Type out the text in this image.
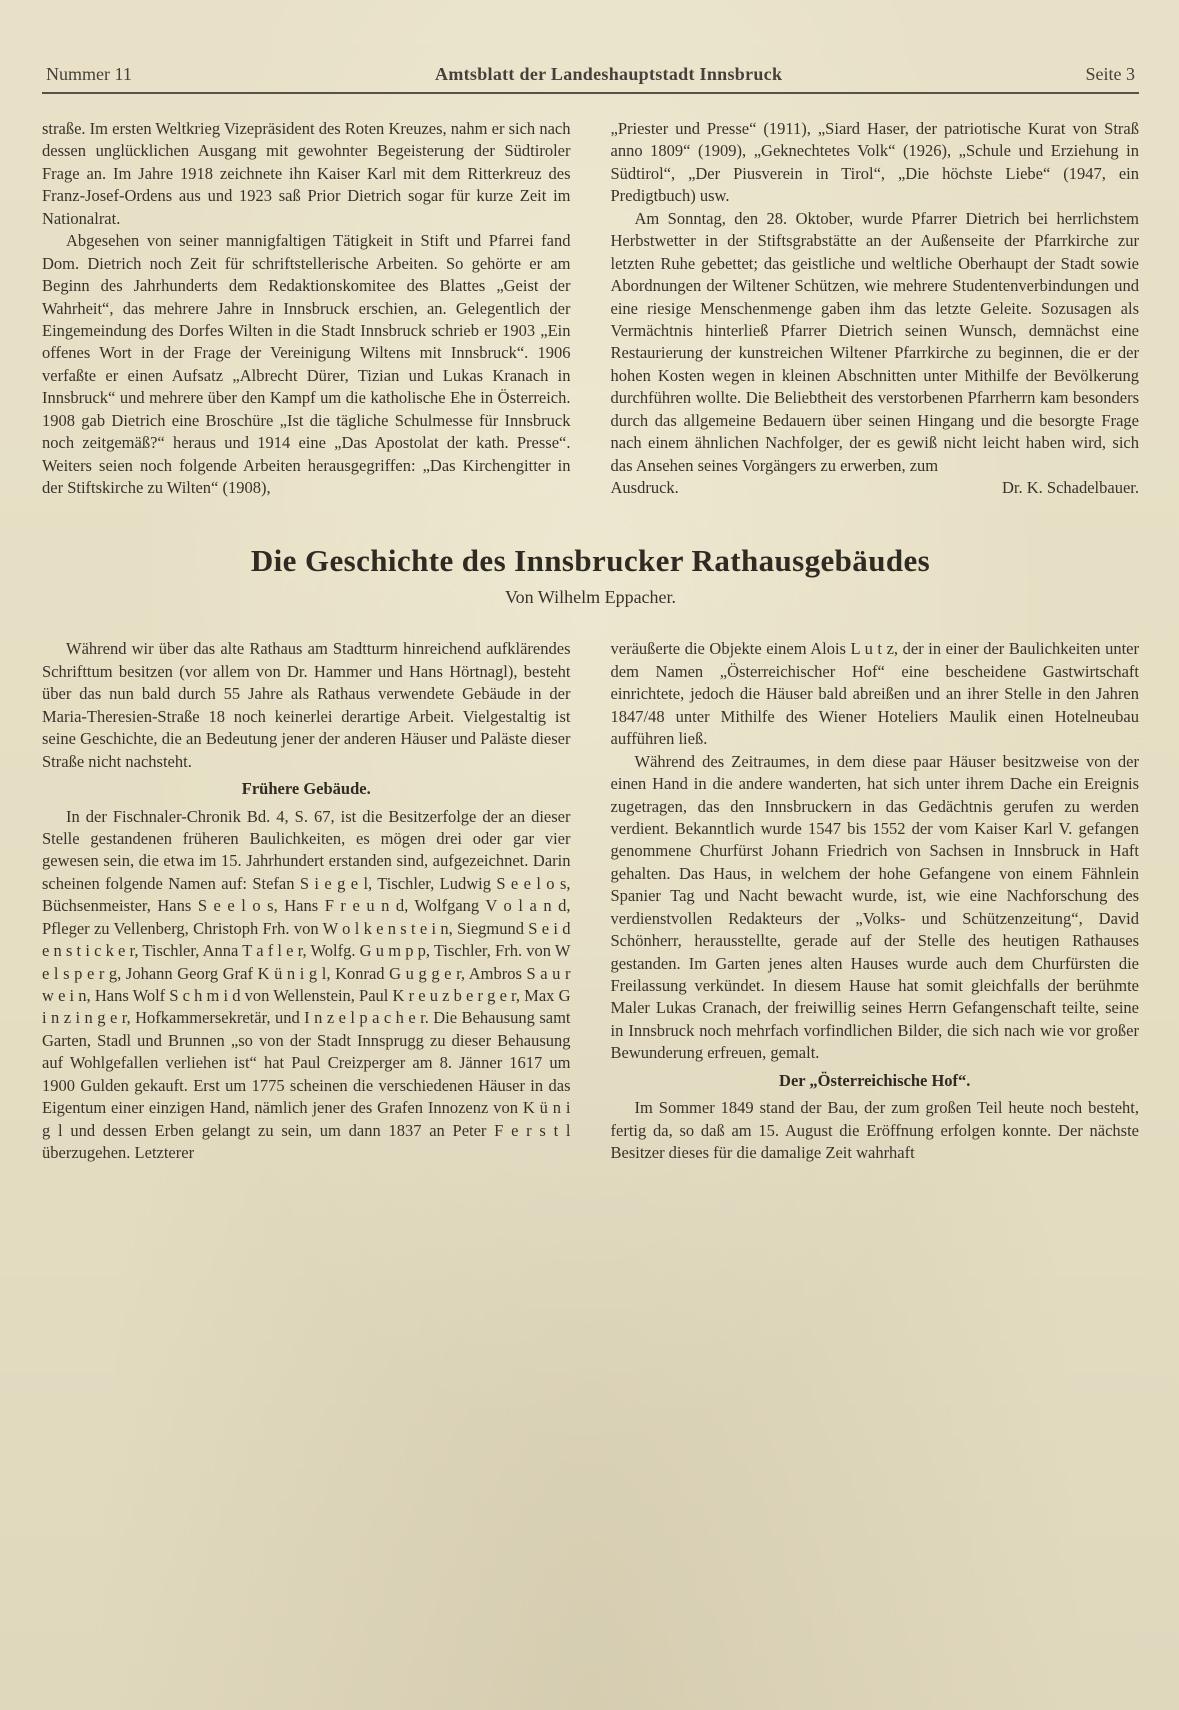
Nummer 11	Amtsblatt der Landeshauptstadt Innsbruck	Seite 3

straße. Im ersten Weltkrieg Vizepräsident des Roten Kreuzes, nahm er sich nach dessen unglücklichen Ausgang mit gewohnter Begeisterung der Südtiroler Frage an. Im Jahre 1918 zeichnete ihn Kaiser Karl mit dem Ritterkreuz des Franz-Josef-Ordens aus und 1923 saß Prior Dietrich sogar für kurze Zeit im Nationalrat.

Abgesehen von seiner mannigfaltigen Tätigkeit in Stift und Pfarrei fand Dom. Dietrich noch Zeit für schriftstellerische Arbeiten. So gehörte er am Beginn des Jahrhunderts dem Redaktionskomitee des Blattes „Geist der Wahrheit“, das mehrere Jahre in Innsbruck erschien, an. Gelegentlich der Eingemeindung des Dorfes Wilten in die Stadt Innsbruck schrieb er 1903 „Ein offenes Wort in der Frage der Vereinigung Wiltens mit Innsbruck“. 1906 verfaßte er einen Aufsatz „Albrecht Dürer, Tizian und Lukas Kranach in Innsbruck“ und mehrere über den Kampf um die katholische Ehe in Österreich. 1908 gab Dietrich eine Broschüre „Ist die tägliche Schulmesse für Innsbruck noch zeitgemäß?“ heraus und 1914 eine „Das Apostolat der kath. Presse“. Weiters seien noch folgende Arbeiten herausgegriffen: „Das Kirchengitter in der Stiftskirche zu Wilten“ (1908),

„Priester und Presse“ (1911), „Siard Haser, der patriotische Kurat von Straß anno 1809“ (1909), „Geknechtetes Volk“ (1926), „Schule und Erziehung in Südtirol“, „Der Piusverein in Tirol“, „Die höchste Liebe“ (1947, ein Predigtbuch) usw.

Am Sonntag, den 28. Oktober, wurde Pfarrer Dietrich bei herrlichstem Herbstwetter in der Stiftsgrabstätte an der Außenseite der Pfarrkirche zur letzten Ruhe gebettet; das geistliche und weltliche Oberhaupt der Stadt sowie Abordnungen der Wiltener Schützen, wie mehrere Studentenverbindungen und eine riesige Menschenmenge gaben ihm das letzte Geleite. Sozusagen als Vermächtnis hinterließ Pfarrer Dietrich seinen Wunsch, demnächst eine Restaurierung der kunstreichen Wiltener Pfarrkirche zu beginnen, die er der hohen Kosten wegen in kleinen Abschnitten unter Mithilfe der Bevölkerung durchführen wollte. Die Beliebtheit des verstorbenen Pfarrherrn kam besonders durch das allgemeine Bedauern über seinen Hingang und die besorgte Frage nach einem ähnlichen Nachfolger, der es gewiß nicht leicht haben wird, sich das Ansehen seines Vorgängers zu erwerben, zum

Ausdruck.	Dr. K. Schadelbauer.
Die Geschichte des Innsbrucker Rathausgebäudes
Von Wilhelm Eppacher.

Während wir über das alte Rathaus am Stadtturm hinreichend aufklärendes Schrifttum besitzen (vor allem von Dr. Hammer und Hans Hörtnagl), besteht über das nun bald durch 55 Jahre als Rathaus verwendete Gebäude in der Maria-Theresien-Straße 18 noch keinerlei derartige Arbeit. Vielgestaltig ist seine Geschichte, die an Bedeutung jener der anderen Häuser und Paläste dieser Straße nicht nachsteht.

Frühere Gebäude.

In der Fischnaler-Chronik Bd. 4, S. 67, ist die Besitzerfolge der an dieser Stelle gestandenen früheren Baulichkeiten, es mögen drei oder gar vier gewesen sein, die etwa im 15. Jahrhundert erstanden sind, aufgezeichnet. Darin scheinen folgende Namen auf: Stefan S i e g e l, Tischler, Ludwig S e e l o s, Büchsenmeister, Hans S e e l o s, Hans F r e u n d, Wolfgang V o l a n d, Pfleger zu Vellenberg, Christoph Frh. von W o l k e n s t e i n, Siegmund S e i d e n s t i c k e r, Tischler, Anna T a f l e r, Wolfg. G u m p p, Tischler, Frh. von W e l s p e r g, Johann Georg Graf K ü n i g l, Konrad G u g g e r, Ambros S a u r w e i n, Hans Wolf S c h m i d von Wellenstein, Paul K r e u z b e r g e r, Max G i n z i n g e r, Hofkammersekretär, und I n z e l p a c h e r. Die Behausung samt Garten, Stadl und Brunnen „so von der Stadt Innsprugg zu dieser Behausung auf Wohlgefallen verliehen ist“ hat Paul Creizperger am 8. Jänner 1617 um 1900 Gulden gekauft. Erst um 1775 scheinen die verschiedenen Häuser in das Eigentum einer einzigen Hand, nämlich jener des Grafen Innozenz von K ü n i g l und dessen Erben gelangt zu sein, um dann 1837 an Peter F e r s t l überzugehen. Letzterer

veräußerte die Objekte einem Alois L u t z, der in einer der Baulichkeiten unter dem Namen „Österreichischer Hof“ eine bescheidene Gastwirtschaft einrichtete, jedoch die Häuser bald abreißen und an ihrer Stelle in den Jahren 1847/48 unter Mithilfe des Wiener Hoteliers Maulik einen Hotelneubau aufführen ließ.

Während des Zeitraumes, in dem diese paar Häuser besitzweise von der einen Hand in die andere wanderten, hat sich unter ihrem Dache ein Ereignis zugetragen, das den Innsbruckern in das Gedächtnis gerufen zu werden verdient. Bekanntlich wurde 1547 bis 1552 der vom Kaiser Karl V. gefangen genommene Churfürst Johann Friedrich von Sachsen in Innsbruck in Haft gehalten. Das Haus, in welchem der hohe Gefangene von einem Fähnlein Spanier Tag und Nacht bewacht wurde, ist, wie eine Nachforschung des verdienstvollen Redakteurs der „Volks- und Schützenzeitung“, David Schönherr, herausstellte, gerade auf der Stelle des heutigen Rathauses gestanden. Im Garten jenes alten Hauses wurde auch dem Churfürsten die Freilassung verkündet. In diesem Hause hat somit gleichfalls der berühmte Maler Lukas Cranach, der freiwillig seines Herrn Gefangenschaft teilte, seine in Innsbruck noch mehrfach vorfindlichen Bilder, die sich nach wie vor großer Bewunderung erfreuen, gemalt.

Der „Österreichische Hof“.

Im Sommer 1849 stand der Bau, der zum großen Teil heute noch besteht, fertig da, so daß am 15. August die Eröffnung erfolgen konnte. Der nächste Besitzer dieses für die damalige Zeit wahrhaft
